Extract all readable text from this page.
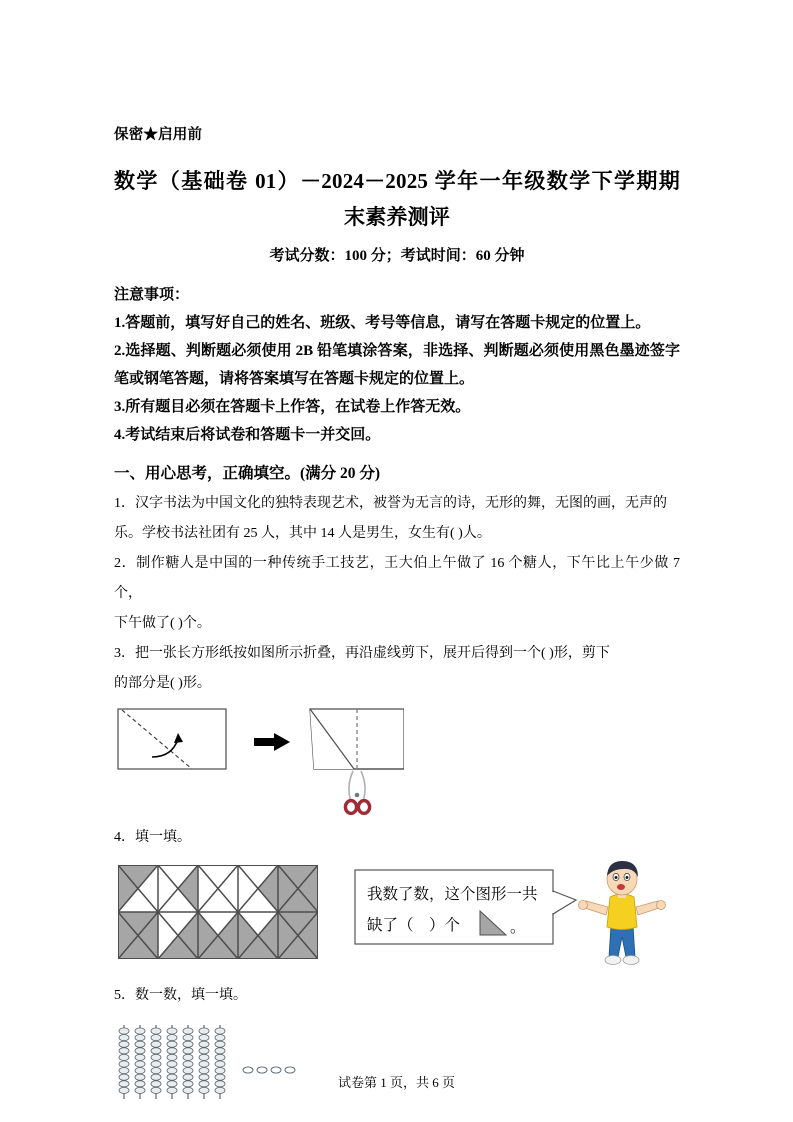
保密★启用前
数学（基础卷 01）－2024－2025 学年一年级数学下学期期
末素养测评
考试分数：100 分；考试时间：60 分钟
注意事项：
1.答题前，填写好自己的姓名、班级、考号等信息，请写在答题卡规定的位置上。
2.选择题、判断题必须使用 2B 铅笔填涂答案，非选择、判断题必须使用黑色墨迹签字笔或钢笔答题，请将答案填写在答题卡规定的位置上。
3.所有题目必须在答题卡上作答，在试卷上作答无效。
4.考试结束后将试卷和答题卡一并交回。
一、用心思考，正确填空。(满分 20 分)
1．汉字书法为中国文化的独特表现艺术，被誉为无言的诗，无形的舞，无图的画，无声的
乐。学校书法社团有 25 人，其中 14 人是男生，女生有( )人。
2．制作糖人是中国的一种传统手工技艺，王大伯上午做了 16 个糖人，下午比上午少做 7 个，
下午做了( )个。
3．把一张长方形纸按如图所示折叠，再沿虚线剪下，展开后得到一个( )形，剪下
的部分是( )形。
4．填一填。
我数了数，这个图形一共
缺了（　）个	。
5．数一数，填一填。
试卷第 1 页，共 6 页
